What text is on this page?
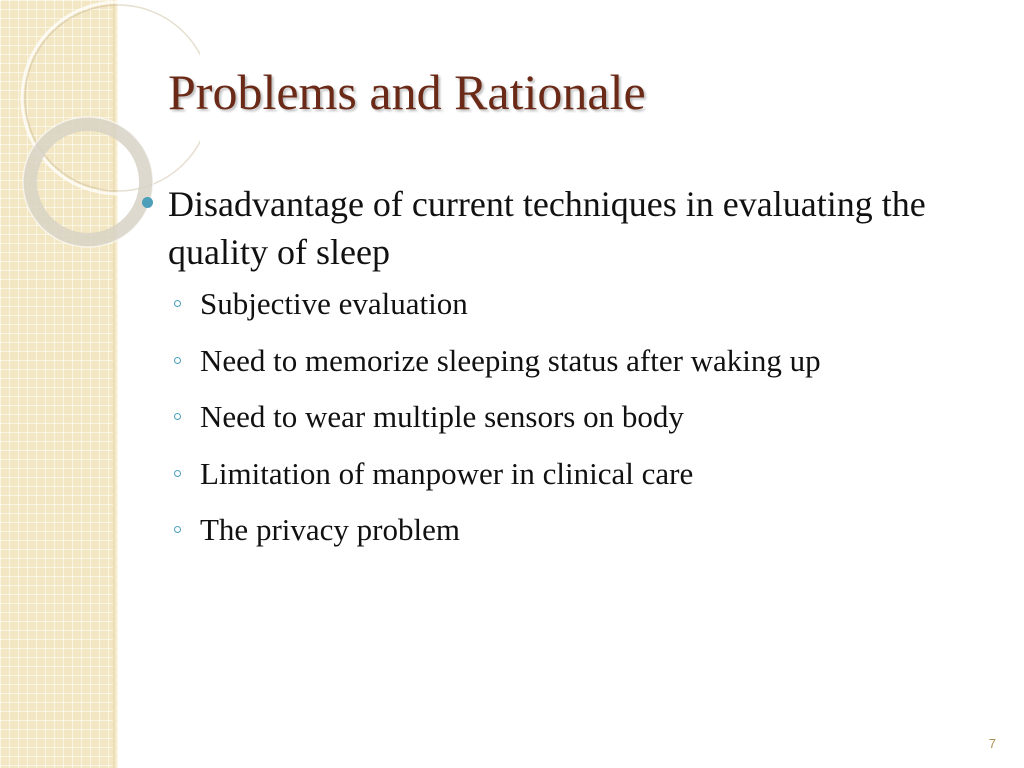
Problems and Rationale

Disadvantage of current techniques in evaluating the quality of sleep

Subjective evaluation
Need to memorize sleeping status after waking up
Need to wear multiple sensors on body
Limitation of manpower in clinical care
The privacy problem
7
